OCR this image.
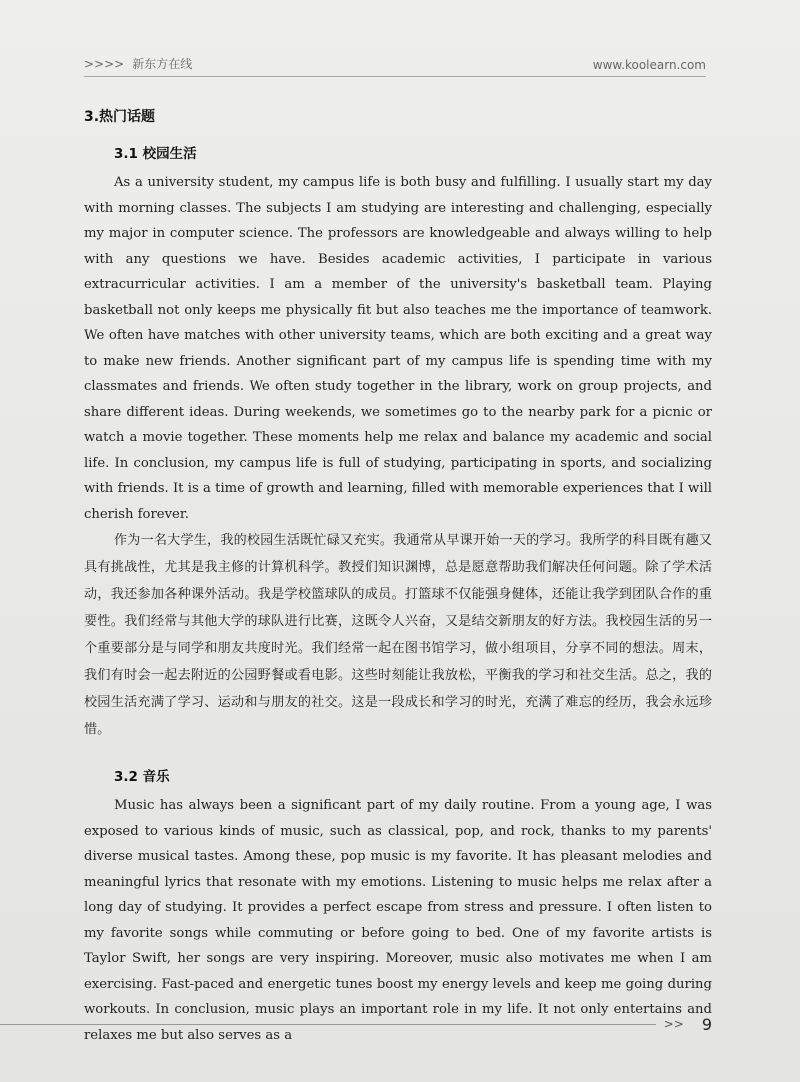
>>>> 新东方在线	www.koolearn.com
3.热门话题
3.1 校园生活

As a university student, my campus life is both busy and fulfilling. I usually start my day with morning classes. The subjects I am studying are interesting and challenging, especially my major in computer science. The professors are knowledgeable and always willing to help with any questions we have. Besides academic activities, I participate in various extracurricular activities. I am a member of the university's basketball team. Playing basketball not only keeps me physically fit but also teaches me the importance of teamwork. We often have matches with other university teams, which are both exciting and a great way to make new friends. Another significant part of my campus life is spending time with my classmates and friends. We often study together in the library, work on group projects, and share different ideas. During weekends, we sometimes go to the nearby park for a picnic or watch a movie together. These moments help me relax and balance my academic and social life. In conclusion, my campus life is full of studying, participating in sports, and socializing with friends. It is a time of growth and learning, filled with memorable experiences that I will cherish forever.

作为一名大学生，我的校园生活既忙碌又充实。我通常从早课开始一天的学习。我所学的科目既有趣又具有挑战性，尤其是我主修的计算机科学。教授们知识渊博，总是愿意帮助我们解决任何问题。除了学术活动，我还参加各种课外活动。我是学校篮球队的成员。打篮球不仅能强身健体，还能让我学到团队合作的重要性。我们经常与其他大学的球队进行比赛，这既令人兴奋，又是结交新朋友的好方法。我校园生活的另一个重要部分是与同学和朋友共度时光。我们经常一起在图书馆学习，做小组项目，分享不同的想法。周末，我们有时会一起去附近的公园野餐或看电影。这些时刻能让我放松，平衡我的学习和社交生活。总之，我的校园生活充满了学习、运动和与朋友的社交。这是一段成长和学习的时光，充满了难忘的经历，我会永远珍惜。

3.2 音乐

Music has always been a significant part of my daily routine. From a young age, I was exposed to various kinds of music, such as classical, pop, and rock, thanks to my parents' diverse musical tastes. Among these, pop music is my favorite. It has pleasant melodies and meaningful lyrics that resonate with my emotions. Listening to music helps me relax after a long day of studying. It provides a perfect escape from stress and pressure. I often listen to my favorite songs while commuting or before going to bed. One of my favorite artists is Taylor Swift, her songs are very inspiring. Moreover, music also motivates me when I am exercising. Fast-paced and energetic tunes boost my energy levels and keep me going during workouts. In conclusion, music plays an important role in my life. It not only entertains and relaxes me but also serves as a

>> 9
